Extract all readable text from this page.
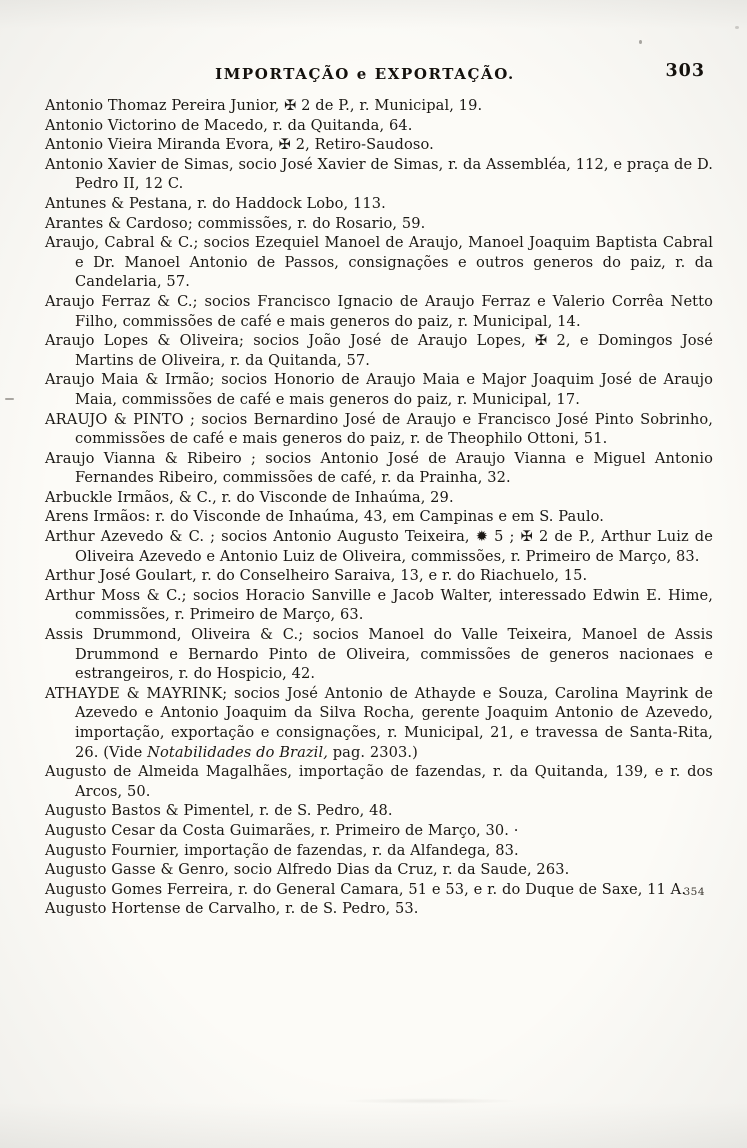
IMPORTAÇÃO e EXPORTAÇÃO.	303

Antonio Thomaz Pereira Junior, ✠ 2 de P., r. Municipal, 19.

Antonio Victorino de Macedo, r. da Quitanda, 64.

Antonio Vieira Miranda Evora, ✠ 2, Retiro-Saudoso.

Antonio Xavier de Simas, socio José Xavier de Simas, r. da Assembléa, 112, e praça de D. Pedro II, 12 C.

Antunes & Pestana, r. do Haddock Lobo, 113.

Arantes & Cardoso; commissões, r. do Rosario, 59.

Araujo, Cabral & C.; socios Ezequiel Manoel de Araujo, Manoel Joaquim Baptista Cabral e Dr. Manoel Antonio de Passos, consignações e outros generos do paiz, r. da Candelaria, 57.

Araujo Ferraz & C.; socios Francisco Ignacio de Araujo Ferraz e Valerio Corrêa Netto Filho, commissões de café e mais generos do paiz, r. Municipal, 14.

Araujo Lopes & Oliveira; socios João José de Araujo Lopes, ✠ 2, e Domingos José Martins de Oliveira, r. da Quitanda, 57.

Araujo Maia & Irmão; socios Honorio de Araujo Maia e Major Joaquim José de Araujo Maia, commissões de café e mais generos do paiz, r. Municipal, 17.

ARAUJO & PINTO ; socios Bernardino José de Araujo e Francisco José Pinto Sobrinho, commissões de café e mais generos do paiz, r. de Theophilo Ottoni, 51.

Araujo Vianna & Ribeiro ; socios Antonio José de Araujo Vianna e Miguel Antonio Fernandes Ribeiro, commissões de café, r. da Prainha, 32.

Arbuckle Irmãos, & C., r. do Visconde de Inhaúma, 29.

Arens Irmãos: r. do Visconde de Inhaúma, 43, em Campinas e em S. Paulo.

Arthur Azevedo & C. ; socios Antonio Augusto Teixeira, ✹ 5 ; ✠ 2 de P., Arthur Luiz de Oliveira Azevedo e Antonio Luiz de Oliveira, commissões, r. Primeiro de Março, 83.

Arthur José Goulart, r. do Conselheiro Saraiva, 13, e r. do Riachuelo, 15.

Arthur Moss & C.; socios Horacio Sanville e Jacob Walter, interessado Edwin E. Hime, commissões, r. Primeiro de Março, 63.

Assis Drummond, Oliveira & C.; socios Manoel do Valle Teixeira, Manoel de Assis Drummond e Bernardo Pinto de Oliveira, commissões de generos nacionaes e estrangeiros, r. do Hospicio, 42.

ATHAYDE & MAYRINK; socios José Antonio de Athayde e Souza, Carolina Mayrink de Azevedo e Antonio Joaquim da Silva Rocha, gerente Joaquim Antonio de Azevedo, importação, exportação e consignações, r. Municipal, 21, e travessa de Santa-Rita, 26. (Vide Notabilidades do Brazil, pag. 2303.)

Augusto de Almeida Magalhães, importação de fazendas, r. da Quitanda, 139, e r. dos Arcos, 50.

Augusto Bastos & Pimentel, r. de S. Pedro, 48.

Augusto Cesar da Costa Guimarães, r. Primeiro de Março, 30. ·

Augusto Fournier, importação de fazendas, r. da Alfandega, 83.

Augusto Gasse & Genro, socio Alfredo Dias da Cruz, r. da Saude, 263.

Augusto Gomes Ferreira, r. do General Camara, 51 e 53, e r. do Duque de Saxe, 11 A.

Augusto Hortense de Carvalho, r. de S. Pedro, 53.

354
